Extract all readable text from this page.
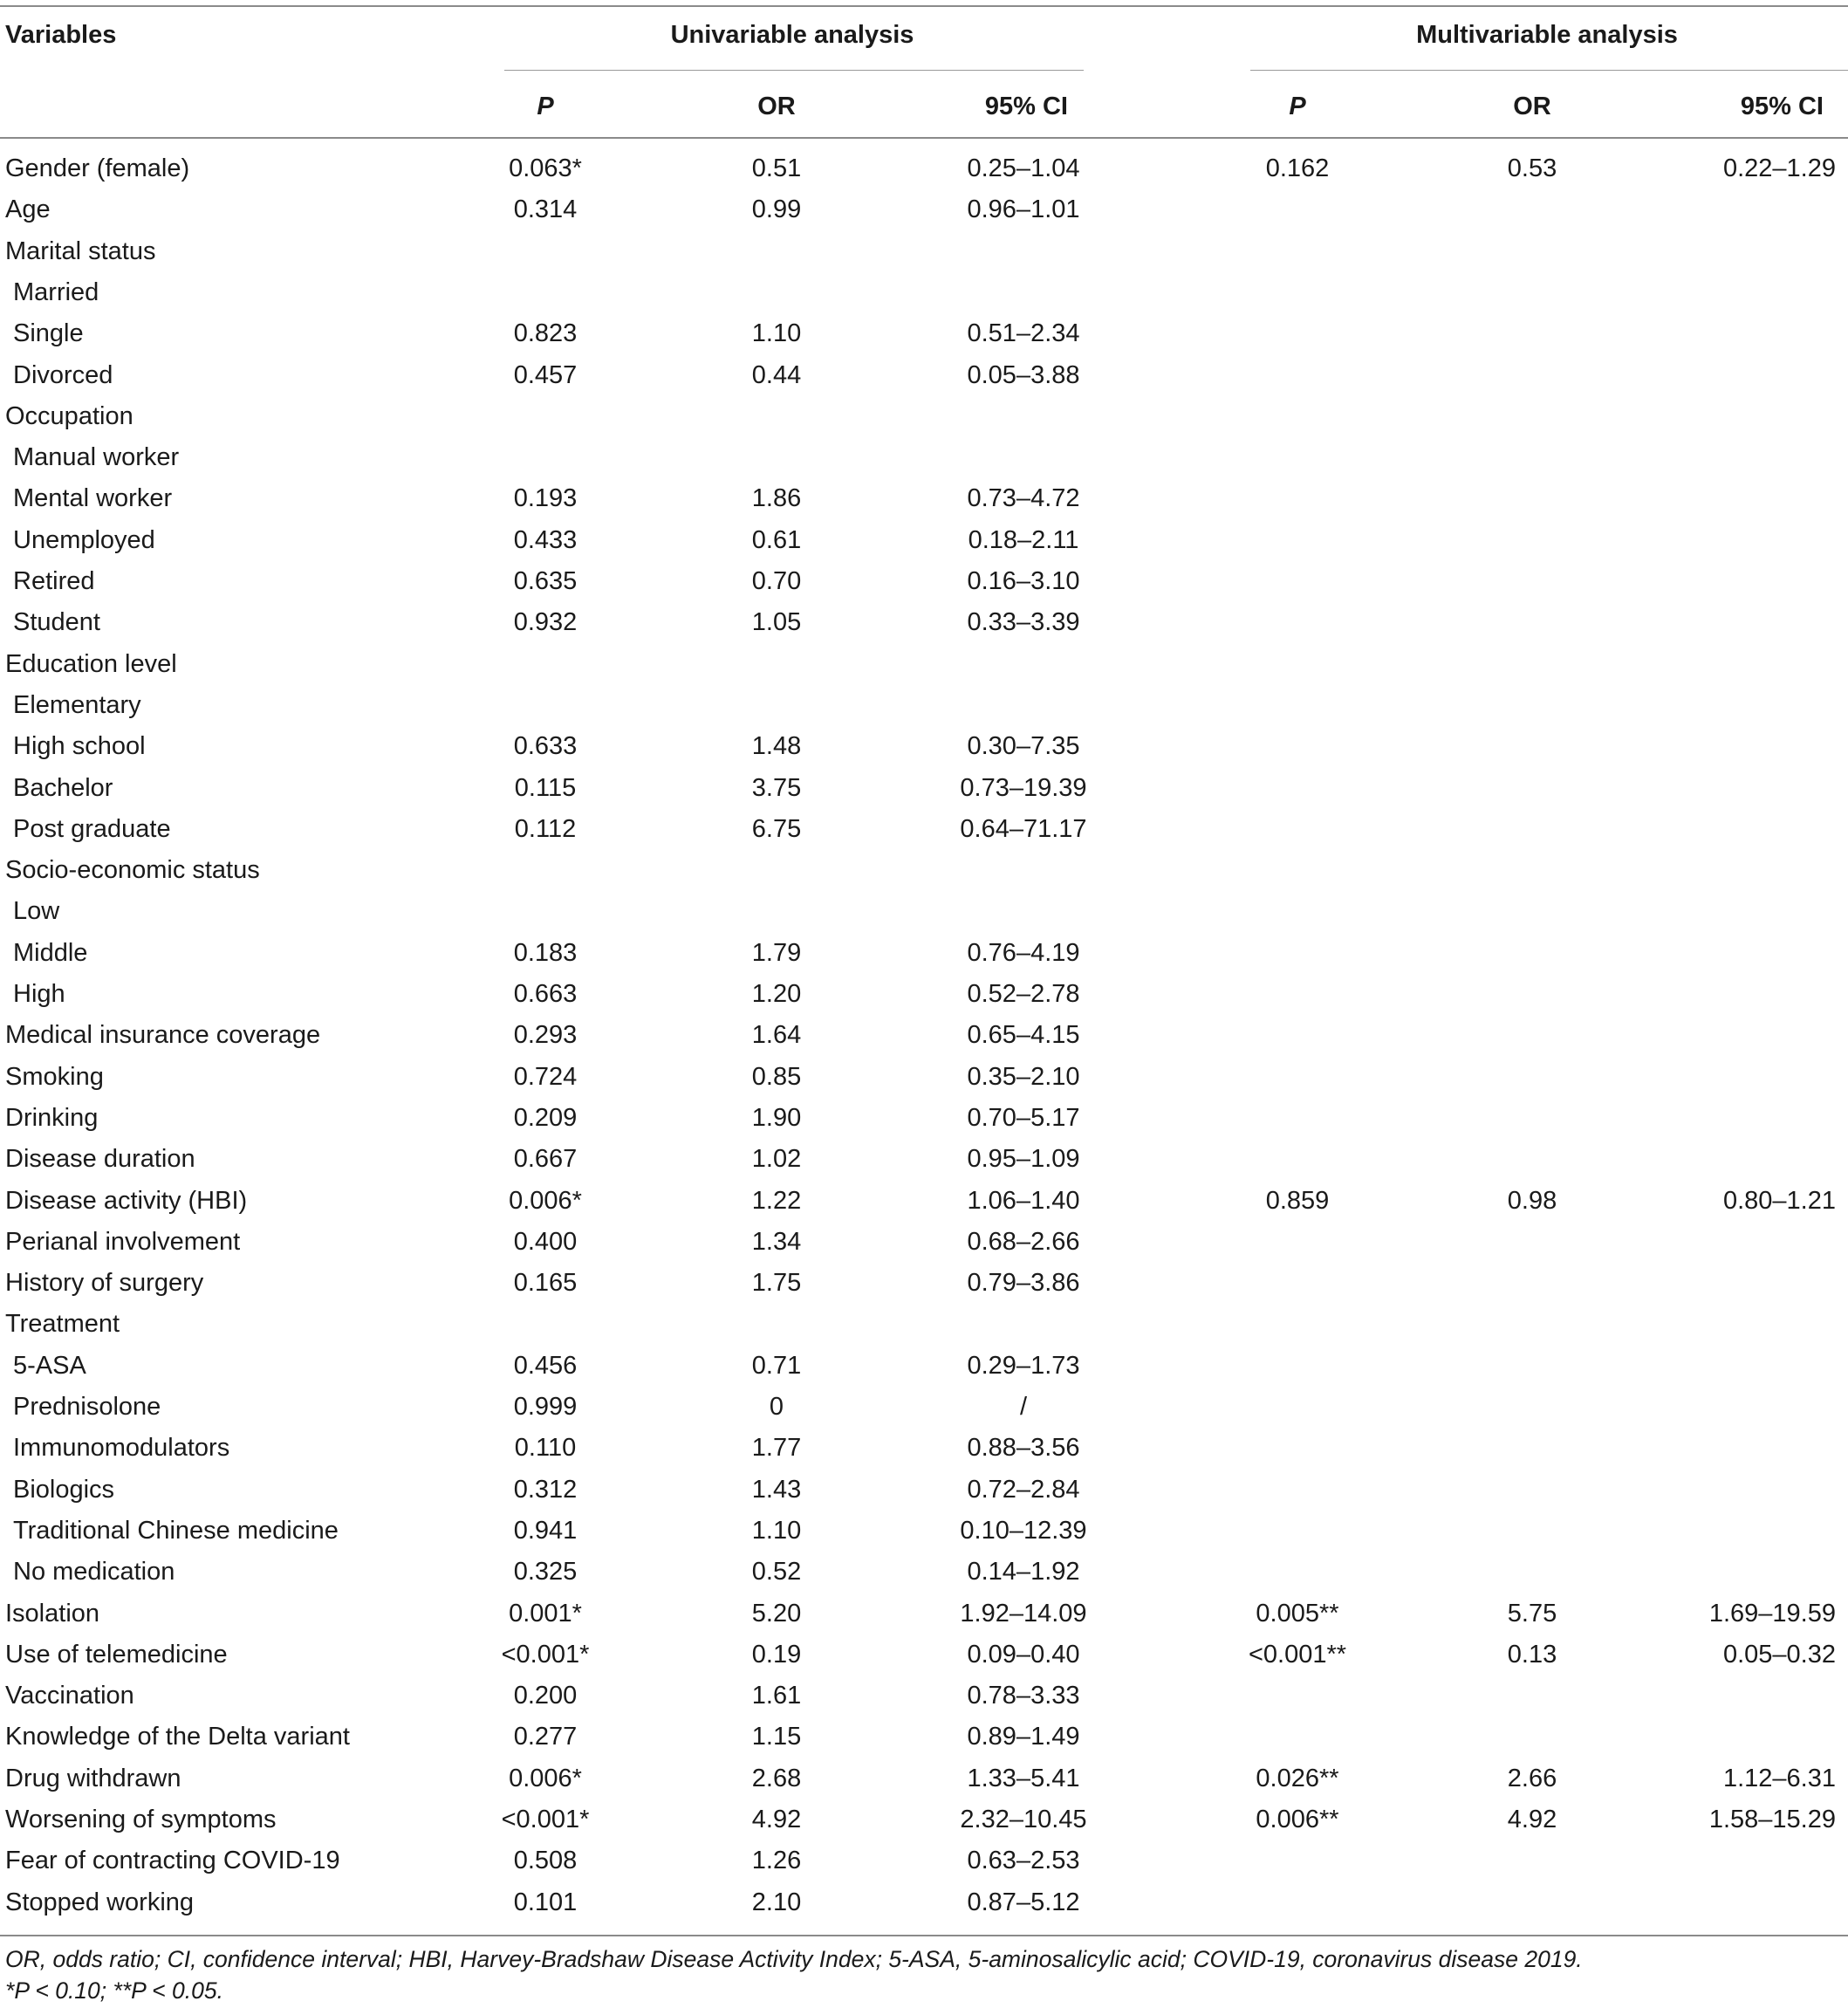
Variables	Univariable analysis	Multivariable analysis
P	OR	95% CI	P	OR	95% CI
Gender (female)	0.063*	0.51	0.25–1.04	0.162	0.53	0.22–1.29
Age	0.314	0.99	0.96–1.01
Marital status
Married
Single	0.823	1.10	0.51–2.34
Divorced	0.457	0.44	0.05–3.88
Occupation
Manual worker
Mental worker	0.193	1.86	0.73–4.72
Unemployed	0.433	0.61	0.18–2.11
Retired	0.635	0.70	0.16–3.10
Student	0.932	1.05	0.33–3.39
Education level
Elementary
High school	0.633	1.48	0.30–7.35
Bachelor	0.115	3.75	0.73–19.39
Post graduate	0.112	6.75	0.64–71.17
Socio-economic status
Low
Middle	0.183	1.79	0.76–4.19
High	0.663	1.20	0.52–2.78
Medical insurance coverage	0.293	1.64	0.65–4.15
Smoking	0.724	0.85	0.35–2.10
Drinking	0.209	1.90	0.70–5.17
Disease duration	0.667	1.02	0.95–1.09
Disease activity (HBI)	0.006*	1.22	1.06–1.40	0.859	0.98	0.80–1.21
Perianal involvement	0.400	1.34	0.68–2.66
History of surgery	0.165	1.75	0.79–3.86
Treatment
5-ASA	0.456	0.71	0.29–1.73
Prednisolone	0.999	0	/
Immunomodulators	0.110	1.77	0.88–3.56
Biologics	0.312	1.43	0.72–2.84
Traditional Chinese medicine	0.941	1.10	0.10–12.39
No medication	0.325	0.52	0.14–1.92
Isolation	0.001*	5.20	1.92–14.09	0.005**	5.75	1.69–19.59
Use of telemedicine	<0.001*	0.19	0.09–0.40	<0.001**	0.13	0.05–0.32
Vaccination	0.200	1.61	0.78–3.33
Knowledge of the Delta variant	0.277	1.15	0.89–1.49
Drug withdrawn	0.006*	2.68	1.33–5.41	0.026**	2.66	1.12–6.31
Worsening of symptoms	<0.001*	4.92	2.32–10.45	0.006**	4.92	1.58–15.29
Fear of contracting COVID-19	0.508	1.26	0.63–2.53
Stopped working	0.101	2.10	0.87–5.12
OR, odds ratio; CI, confidence interval; HBI, Harvey-Bradshaw Disease Activity Index; 5-ASA, 5-aminosalicylic acid; COVID-19, coronavirus disease 2019.
*P < 0.10; **P < 0.05.
